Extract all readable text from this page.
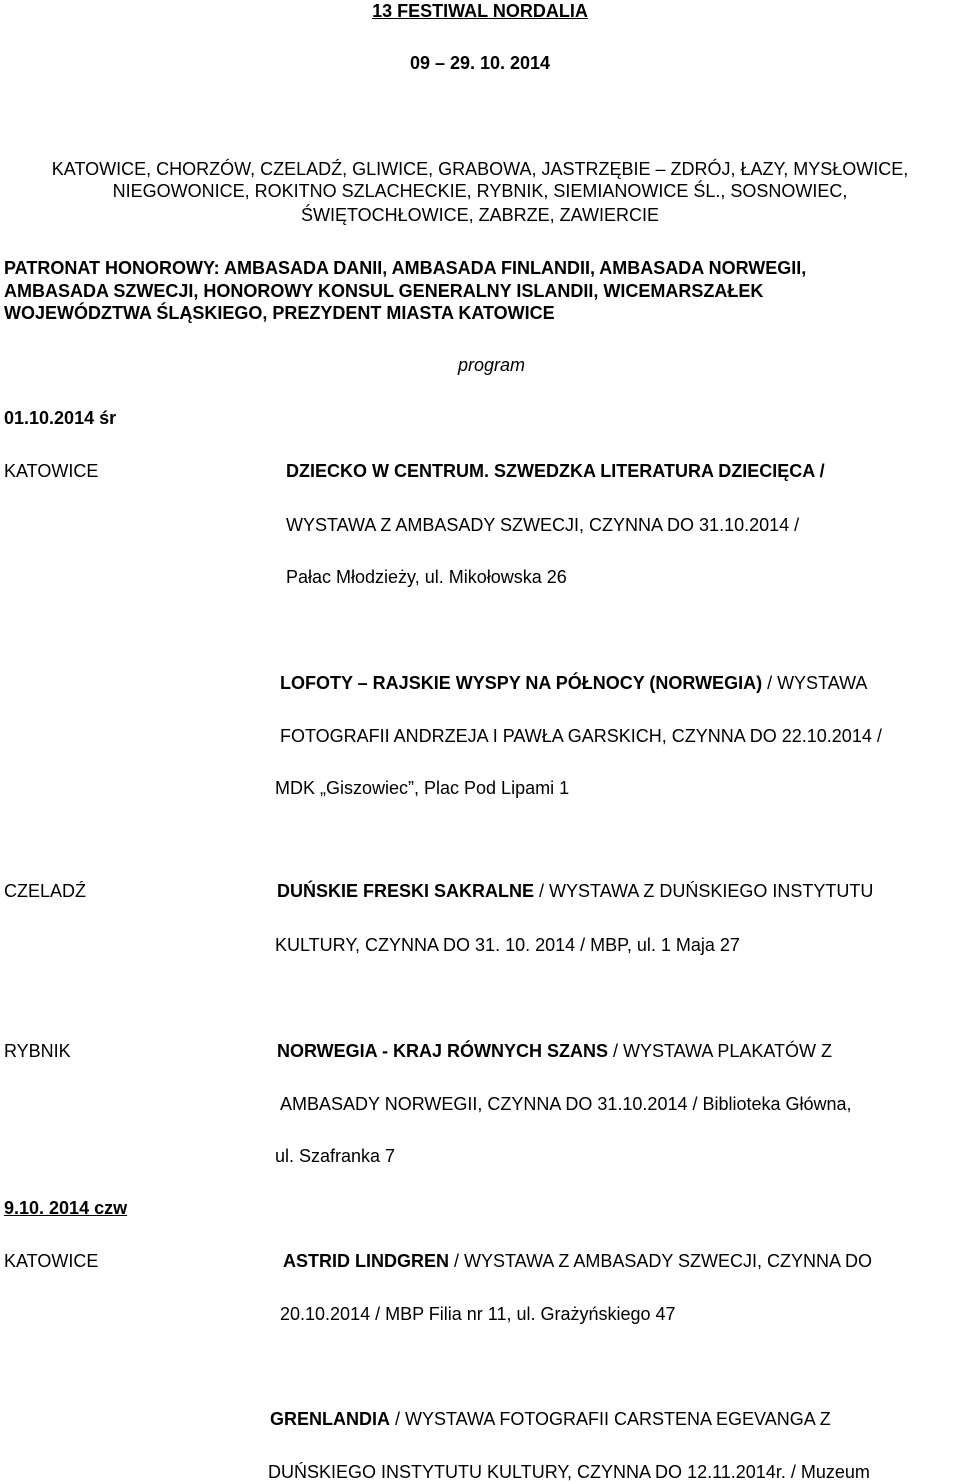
13 FESTIWAL NORDALIA
09 – 29. 10. 2014
KATOWICE, CHORZÓW, CZELADŹ, GLIWICE, GRABOWA, JASTRZĘBIE – ZDRÓJ, ŁAZY, MYSŁOWICE,
NIEGOWONICE, ROKITNO SZLACHECKIE, RYBNIK, SIEMIANOWICE ŚL., SOSNOWIEC,
ŚWIĘTOCHŁOWICE, ZABRZE, ZAWIERCIE
PATRONAT HONOROWY: AMBASADA DANII, AMBASADA FINLANDII, AMBASADA NORWEGII,
AMBASADA SZWECJI, HONOROWY KONSUL GENERALNY ISLANDII, WICEMARSZAŁEK
WOJEWÓDZTWA ŚLĄSKIEGO, PREZYDENT MIASTA KATOWICE
program
01.10.2014 śr
KATOWICE	DZIECKO W CENTRUM. SZWEDZKA LITERATURA DZIECIĘCA /
WYSTAWA Z AMBASADY SZWECJI, CZYNNA DO 31.10.2014 /
Pałac Młodzieży, ul. Mikołowska 26
LOFOTY – RAJSKIE WYSPY NA PÓŁNOCY (NORWEGIA) / WYSTAWA
FOTOGRAFII ANDRZEJA I PAWŁA GARSKICH, CZYNNA DO 22.10.2014 /
MDK „Giszowiec”, Plac Pod Lipami 1
CZELADŹ	DUŃSKIE FRESKI SAKRALNE / WYSTAWA Z DUŃSKIEGO INSTYTUTU
KULTURY, CZYNNA DO 31. 10. 2014 / MBP, ul. 1 Maja 27
RYBNIK	NORWEGIA - KRAJ RÓWNYCH SZANS / WYSTAWA PLAKATÓW Z
AMBASADY NORWEGII, CZYNNA DO 31.10.2014 / Biblioteka Główna,
ul. Szafranka 7
9.10. 2014 czw
KATOWICE	ASTRID LINDGREN / WYSTAWA Z AMBASADY SZWECJI, CZYNNA DO
20.10.2014 / MBP Filia nr 11, ul. Grażyńskiego 47
GRENLANDIA / WYSTAWA FOTOGRAFII CARSTENA EGEVANGA Z
DUŃSKIEGO INSTYTUTU KULTURY, CZYNNA DO 12.11.2014r. / Muzeum
